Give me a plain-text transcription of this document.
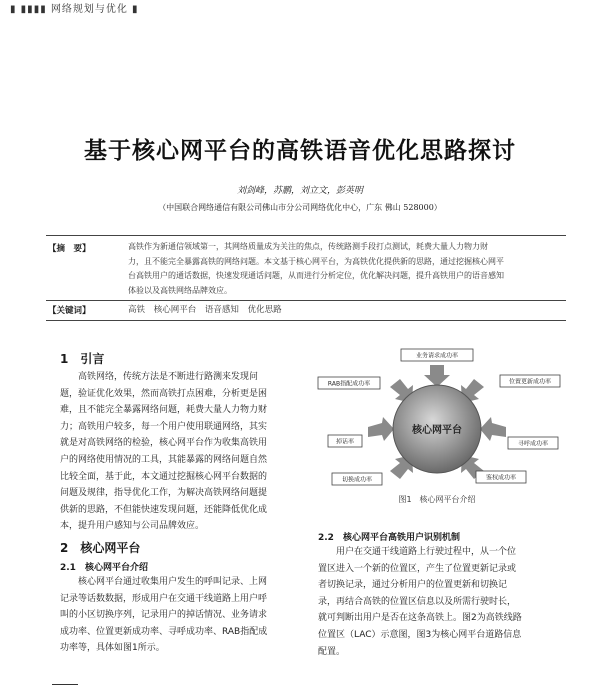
▮ ▮▮▮▮ 网络规划与优化 ▮
基于核心网平台的高铁语音优化思路探讨
刘剑峰，苏鹏，刘立文，彭英明
（中国联合网络通信有限公司佛山市分公司网络优化中心，广东 佛山 528000）
【摘　要】	高铁作为新通信领域第一，其网络质量成为关注的焦点，传统路测手段打点测试，耗费大量人力物力财
力，且不能完全暴露高铁的网络问题。本文基于核心网平台，为高铁优化提供新的思路，通过挖掘核心网平
台高铁用户的通话数据，快速发现通话问题，从而进行分析定位，优化解决问题，提升高铁用户的语音感知
体验以及高铁网络品牌效应。
【关键词】	高铁 核心网平台 语音感知 优化思路
1　引言

高铁网络，传统方法是不断进行路测来发现问

题，验证优化效果，然而高铁打点困难，分析更是困
难，且不能完全暴露网络问题，耗费大量人力物力财
力；高铁用户较多，每一个用户使用联通网络，其实
就是对高铁网络的检验，核心网平台作为收集高铁用
户的网络使用情况的工具，其能暴露的网络问题自然
比较全面，基于此，本文通过挖掘核心网平台数据的
问题及规律，指导优化工作，为解决高铁网络问题提
供新的思路，不但能快速发现问题，还能降低优化成
本，提升用户感知与公司品牌效应。
2　核心网平台
2.1　核心网平台介绍

核心网平台通过收集用户发生的呼叫记录、上网

记录等话数数据，形成用户在交通干线道路上用户呼
叫的小区切换序列，记录用户的掉话情况、业务请求
成功率、位置更新成功率、寻呼成功率、RAB指配成
功率等，具体如图1所示。
2.2　核心网平台高铁用户识别机制

用户在交通干线道路上行驶过程中，从一个位

置区进入一个新的位置区，产生了位置更新记录或
者切换记录，通过分析用户的位置更新和切换记
录，再结合高铁的位置区信息以及所需行驶时长，
就可判断出用户是否在这条高铁上。图2为高铁线路
位置区（LAC）示意图，图3为核心网平台道路信息
配置。
核心网平台
业务请求成功率
位置更新成功率
寻呼成功率
鉴权成功率
切换成功率
掉话率
RAB指配成功率
图1　核心网平台介绍
